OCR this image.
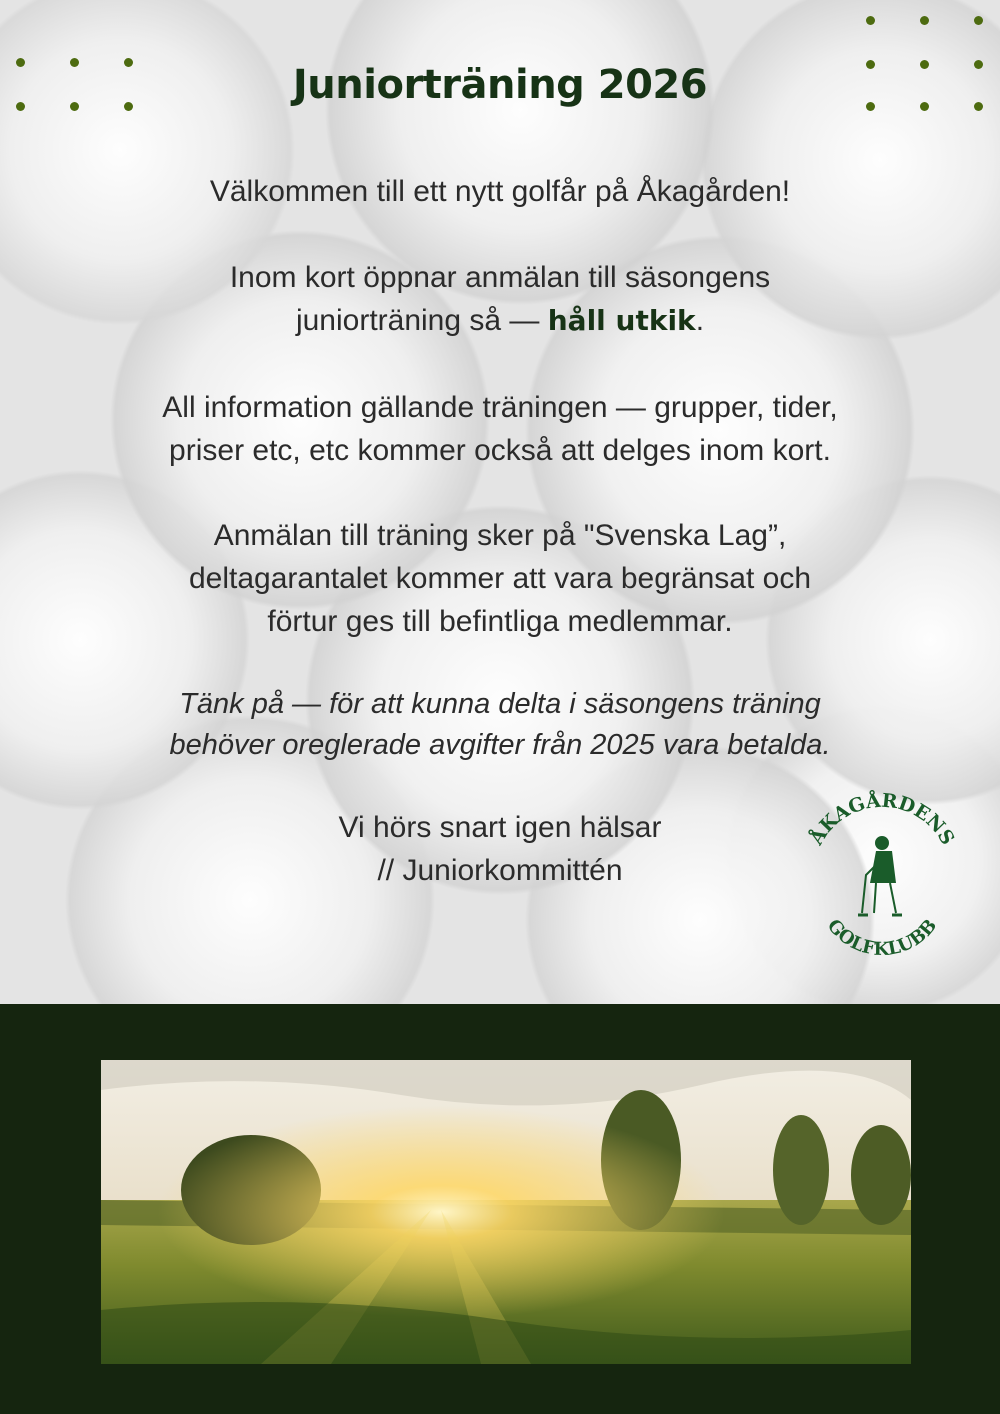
Juniorträning 2026
Välkommen till ett nytt golfår på Åkagården!
Inom kort öppnar anmälan till säsongens
juniorträning så — håll utkik.
All information gällande träningen — grupper, tider,
priser etc, etc kommer också att delges inom kort.
Anmälan till träning sker på "Svenska Lag”,
deltagarantalet kommer att vara begränsat och
förtur ges till befintliga medlemmar.
Tänk på — för att kunna delta i säsongens träning
behöver oreglerade avgifter från 2025 vara betalda.
Vi hörs snart igen hälsar
// Juniorkommittén
ÅKAGÅRDENS
GOLFKLUBB
